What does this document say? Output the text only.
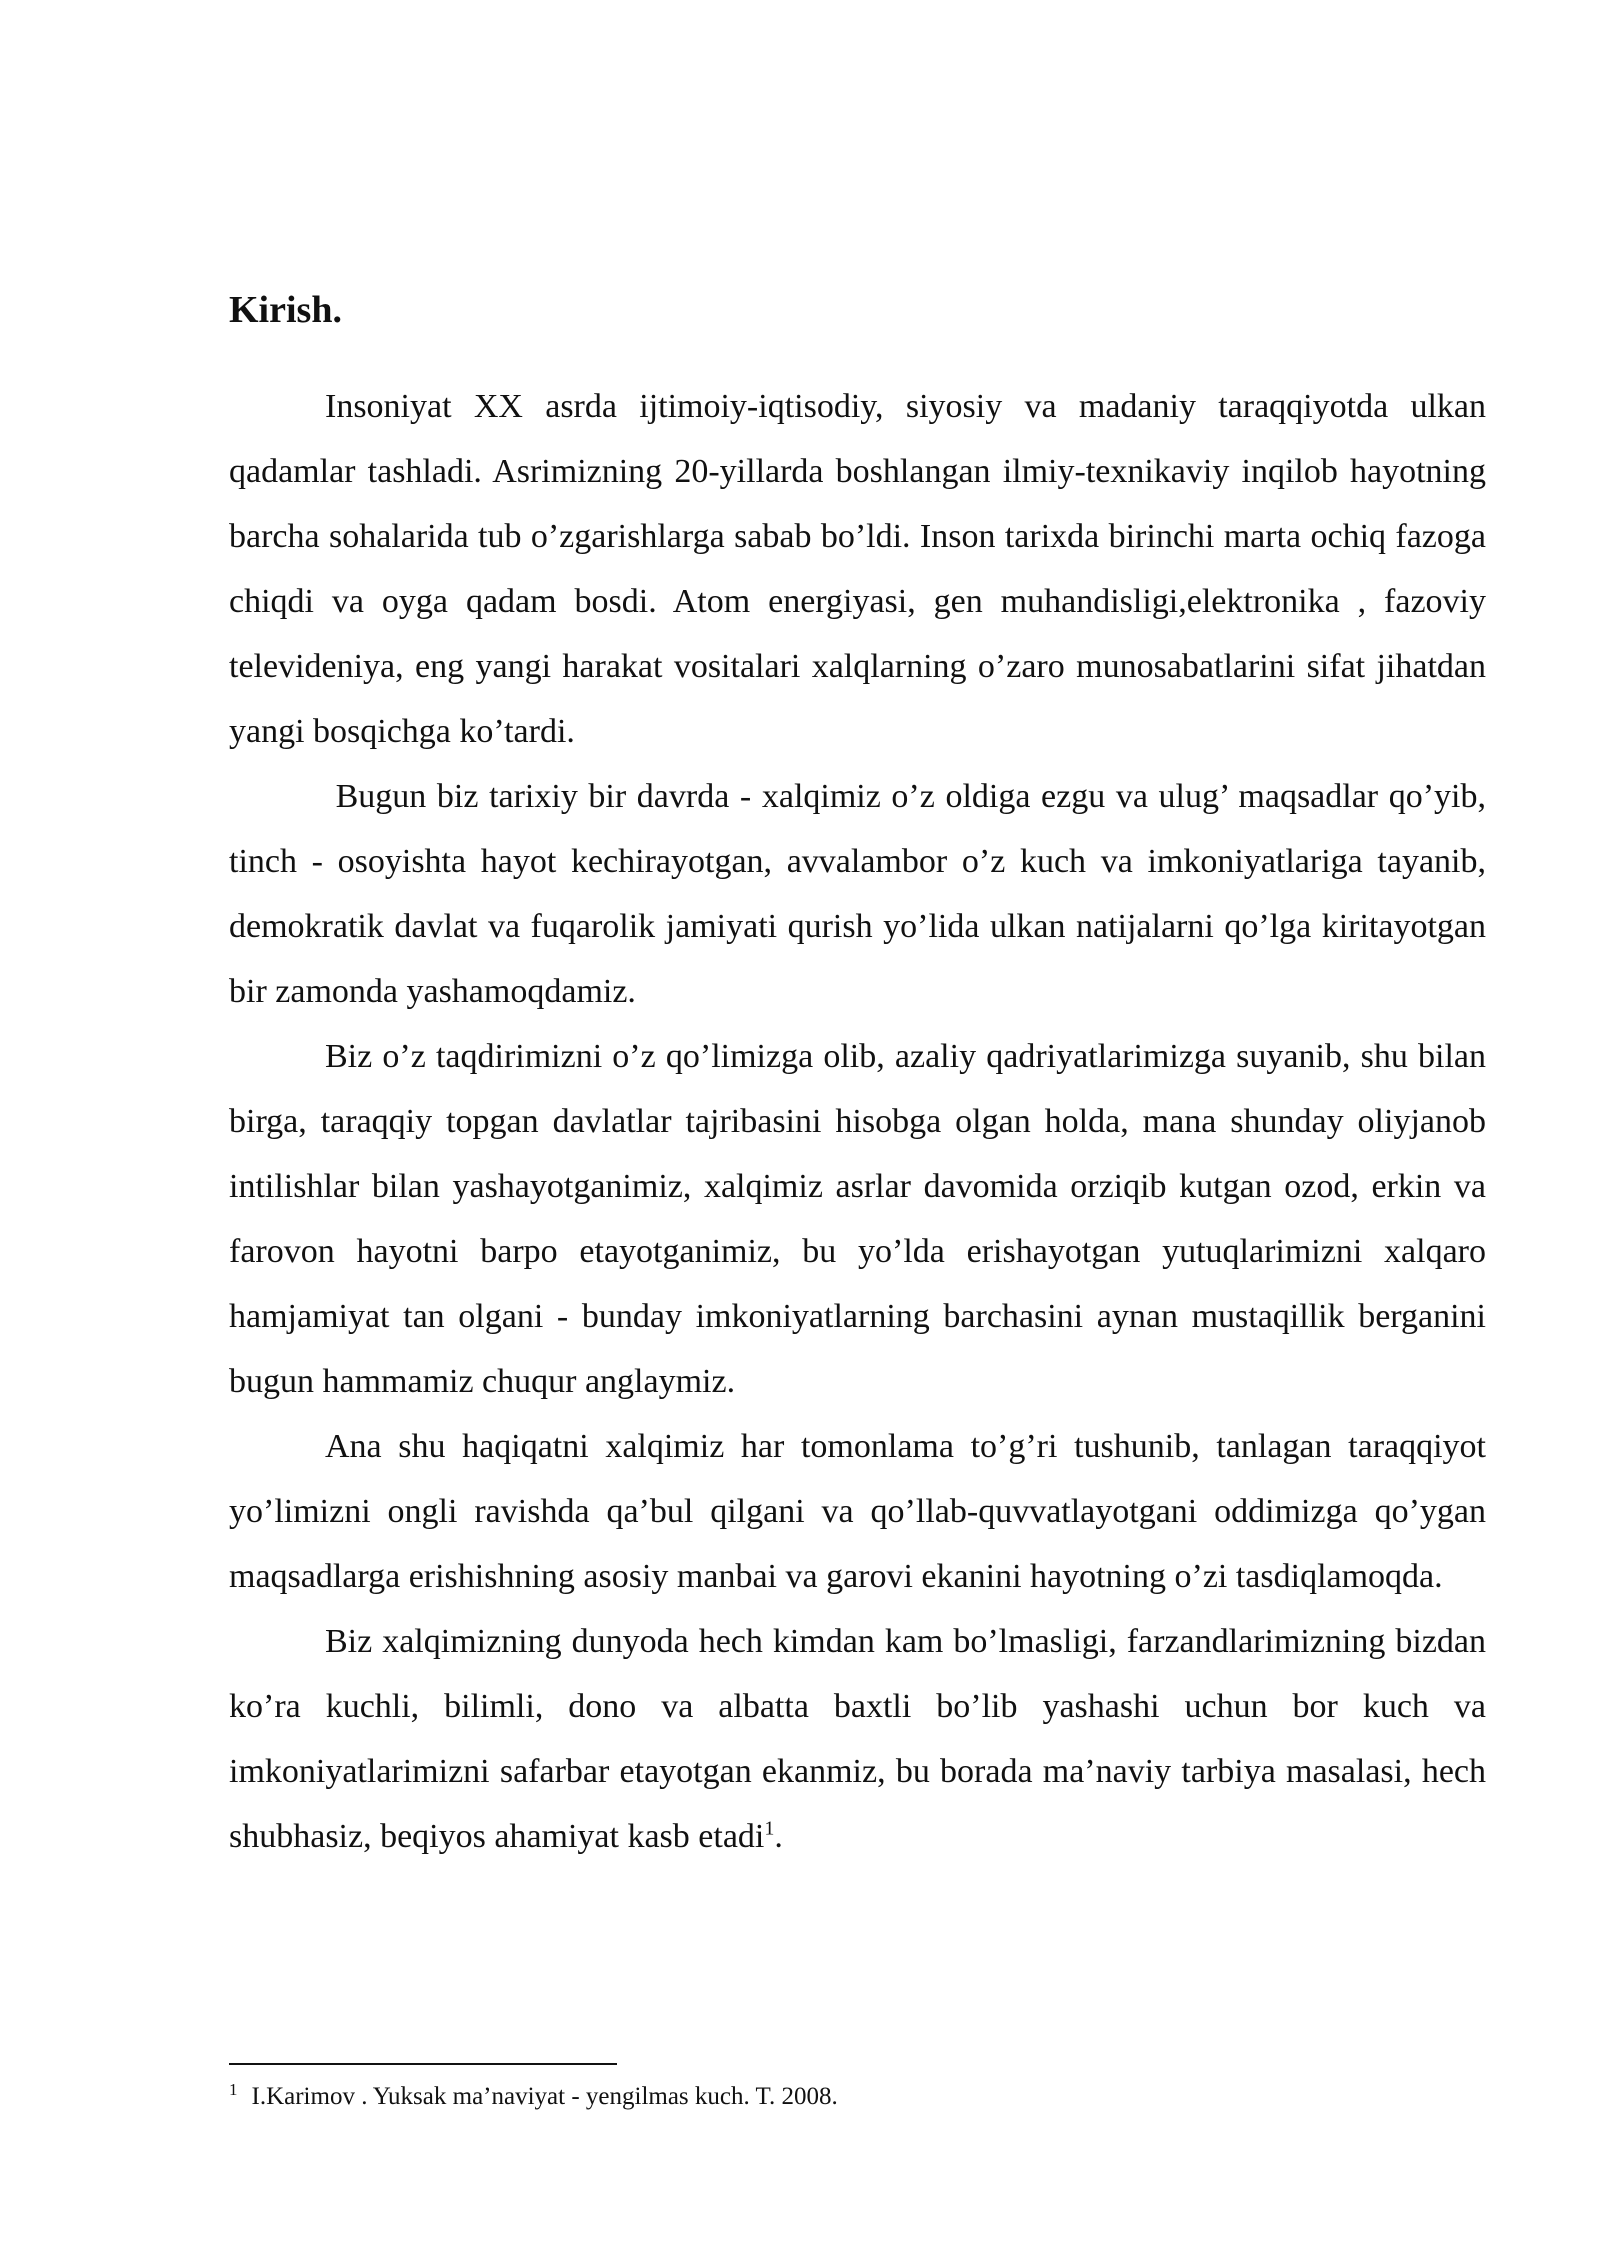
Kirish.

Insoniyat XX asrda ijtimoiy-iqtisodiy, siyosiy va madaniy taraqqiyotda ulkan qadamlar tashladi. Asrimizning 20-yillarda boshlangan ilmiy-texnikaviy inqilob hayotning barcha sohalarida tub o’zgarishlarga sabab bo’ldi. Inson tarixda birinchi marta ochiq fazoga chiqdi va oyga qadam bosdi. Atom energiyasi, gen muhandisligi,elektronika , fazoviy televideniya, eng yangi harakat vositalari xalqlarning o’zaro munosabatlarini sifat jihatdan yangi bosqichga ko’tardi.

Bugun biz tarixiy bir davrda - xalqimiz o’z oldiga ezgu va ulug’ maqsadlar qo’yib, tinch - osoyishta hayot kechirayotgan, avvalambor o’z kuch va imkoniyatlariga tayanib, demokratik davlat va fuqarolik jamiyati qurish yo’lida ulkan natijalarni qo’lga kiritayotgan bir zamonda yashamoqdamiz.

Biz o’z taqdirimizni o’z qo’limizga olib, azaliy qadriyatlarimizga suyanib, shu bilan birga, taraqqiy topgan davlatlar tajribasini hisobga olgan holda, mana shunday oliyjanob intilishlar bilan yashayotganimiz, xalqimiz asrlar davomida orziqib kutgan ozod, erkin va farovon hayotni barpo etayotganimiz, bu yo’lda erishayotgan yutuqlarimizni xalqaro hamjamiyat tan olgani - bunday imkoniyatlarning barchasini aynan mustaqillik berganini bugun hammamiz chuqur anglaymiz.

Ana shu haqiqatni xalqimiz har tomonlama to’g’ri tushunib, tanlagan taraqqiyot yo’limizni ongli ravishda qa’bul qilgani va qo’llab-quvvatlayotgani oddimizga qo’ygan maqsadlarga erishishning asosiy manbai va garovi ekanini hayotning o’zi tasdiqlamoqda.

Biz xalqimizning dunyoda hech kimdan kam bo’lmasligi, farzandlarimizning bizdan ko’ra kuchli, bilimli, dono va albatta baxtli bo’lib yashashi uchun bor kuch va imkoniyatlarimizni safarbar etayotgan ekanmiz, bu borada ma’naviy tarbiya masalasi, hech shubhasiz, beqiyos ahamiyat kasb etadi$^1$.

$^1$ I.Karimov . Yuksak ma’naviyat - yengilmas kuch. T. 2008.
